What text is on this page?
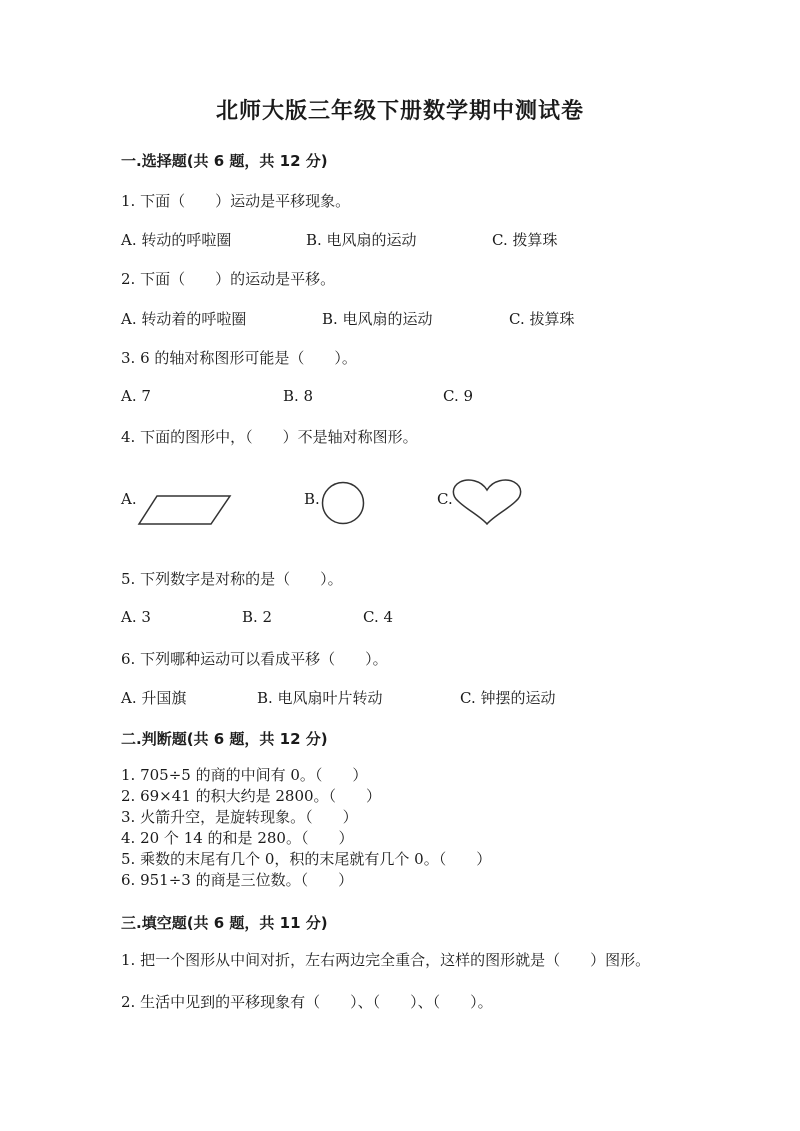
北师大版三年级下册数学期中测试卷
一.选择题(共 6 题，共 12 分)
1. 下面（　　）运动是平移现象。
A. 转动的呼啦圈	B. 电风扇的运动	C. 拨算珠
2. 下面（　　）的运动是平移。
A. 转动着的呼啦圈	B. 电风扇的运动	C. 拔算珠
3. 6 的轴对称图形可能是（　　）。
A. 7	B. 8	C. 9
4. 下面的图形中，（　　）不是轴对称图形。
A.	B.	C.
5. 下列数字是对称的是（　　）。
A. 3	B. 2	C. 4
6. 下列哪种运动可以看成平移（　　）。
A. 升国旗	B. 电风扇叶片转动	C. 钟摆的运动
二.判断题(共 6 题，共 12 分)
1. 705÷5 的商的中间有 0。（　　）
2. 69×41 的积大约是 2800。（　　）
3. 火箭升空，是旋转现象。（　　）
4. 20 个 14 的和是 280。（　　）
5. 乘数的末尾有几个 0，积的末尾就有几个 0。（　　）
6. 951÷3 的商是三位数。（　　）
三.填空题(共 6 题，共 11 分)
1. 把一个图形从中间对折，左右两边完全重合，这样的图形就是（　　）图形。
2. 生活中见到的平移现象有（　　）、（　　）、（　　）。
